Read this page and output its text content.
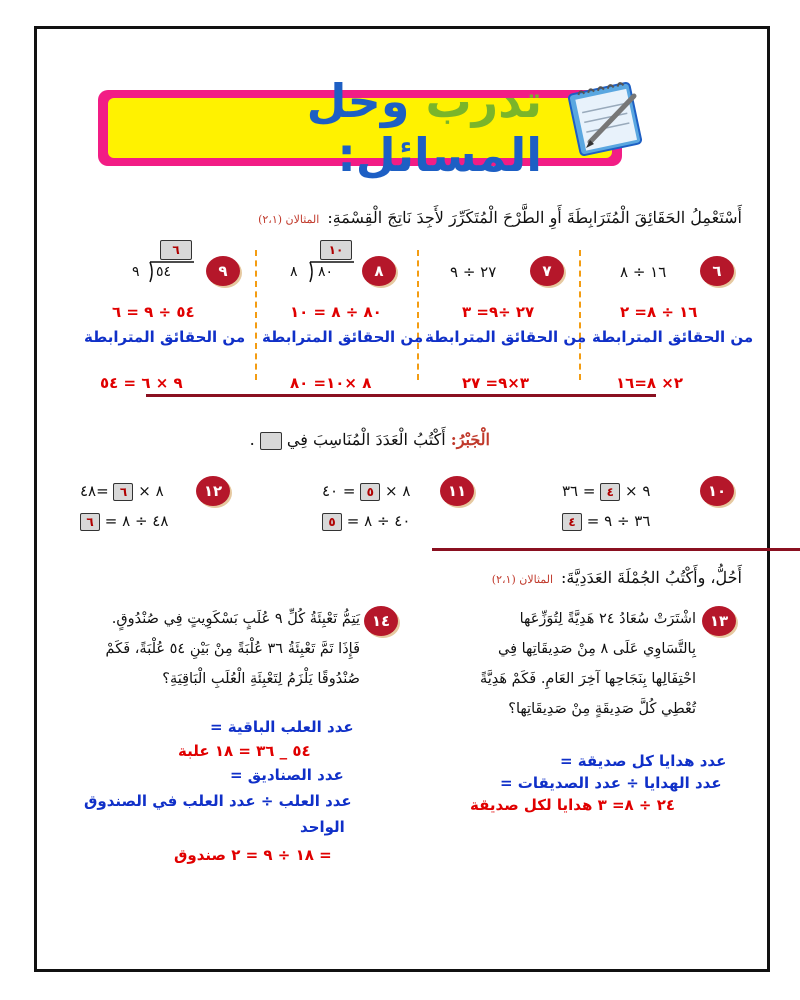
تدرب وحل المسائل:
أَسْتَعْمِلُ الحَقَائِقَ الْمُتَرَابِطَةَ أَوِ الطَّرْحَ الْمُتَكَرِّرَ لأَجِدَ نَاتِجَ الْقِسْمَةِ:المثالان (٢،١)
٦
١٦ ÷ ٨
١٦ ÷ ٨= ٢
من الحقائق المترابطة
٢× ٨=١٦
٧
٢٧ ÷ ٩
٢٧ ÷٩= ٣
من الحقائق المترابطة
٣×٩= ٢٧
٨
١٠
٨٠
٨
٨٠ ÷ ٨ = ١٠
من الحقائق المترابطة
٨ ×١٠= ٨٠
٩
٦
٥٤
٩
٥٤ ÷ ٩ = ٦
من الحقائق المترابطة
٩ × ٦ = ٥٤
الْجَبْرُ: أَكْتُبُ الْعَدَدَ الْمُنَاسِبَ فِي  .
١٠
٩ × ٤ = ٣٦
٣٦ ÷ ٩ = ٤
١١
٨ × ٥ = ٤٠
٤٠ ÷ ٨ = ٥
١٢
٨ × ٦ =٤٨
٤٨ ÷ ٨ = ٦
أَحُلُّ، وأَكْتُبُ الجُمْلَةَ العَدَدِيَّةَ:المثالان (٢،١)
١٣
اشْتَرَتْ سُعَادُ ٢٤ هَدِيَّةً لِتُوَزِّعَها
بِالتَّسَاوِي عَلَى ٨ مِنْ صَدِيقَاتِها فِي
احْتِفَالِها بِنَجَاحِها آخِرَ العَامِ. فَكَمْ هَدِيَّةً
تُعْطِي كُلَّ صَدِيقَةٍ مِنْ صَدِيقَاتِها؟
عدد هدايا كل صديقة =
عدد الهدايا ÷ عدد الصديقات =
٢٤ ÷ ٨= ٣ هدايا لكل صديقة
١٤
يَتِمُّ تَعْبِئَةُ كُلِّ ٩ عُلَبٍ بَسْكَوِيتٍ فِي صُنْدُوقٍ.
فَإِذَا تَمَّ تَعْبِئَةُ ٣٦ عُلْبَةً مِنْ بَيْنِ ٥٤ عُلْبَةً، فَكَمْ
صُنْدُوقًا يَلْزَمُ لِتَعْبِئَةِ الْعُلَبِ الْبَاقِيَةِ؟
عدد العلب الباقية =
٥٤ _ ٣٦ = ١٨ علبة
عدد الصناديق =
عدد العلب ÷ عدد العلب في الصندوق
الواحد
= ١٨ ÷ ٩ = ٢ صندوق
